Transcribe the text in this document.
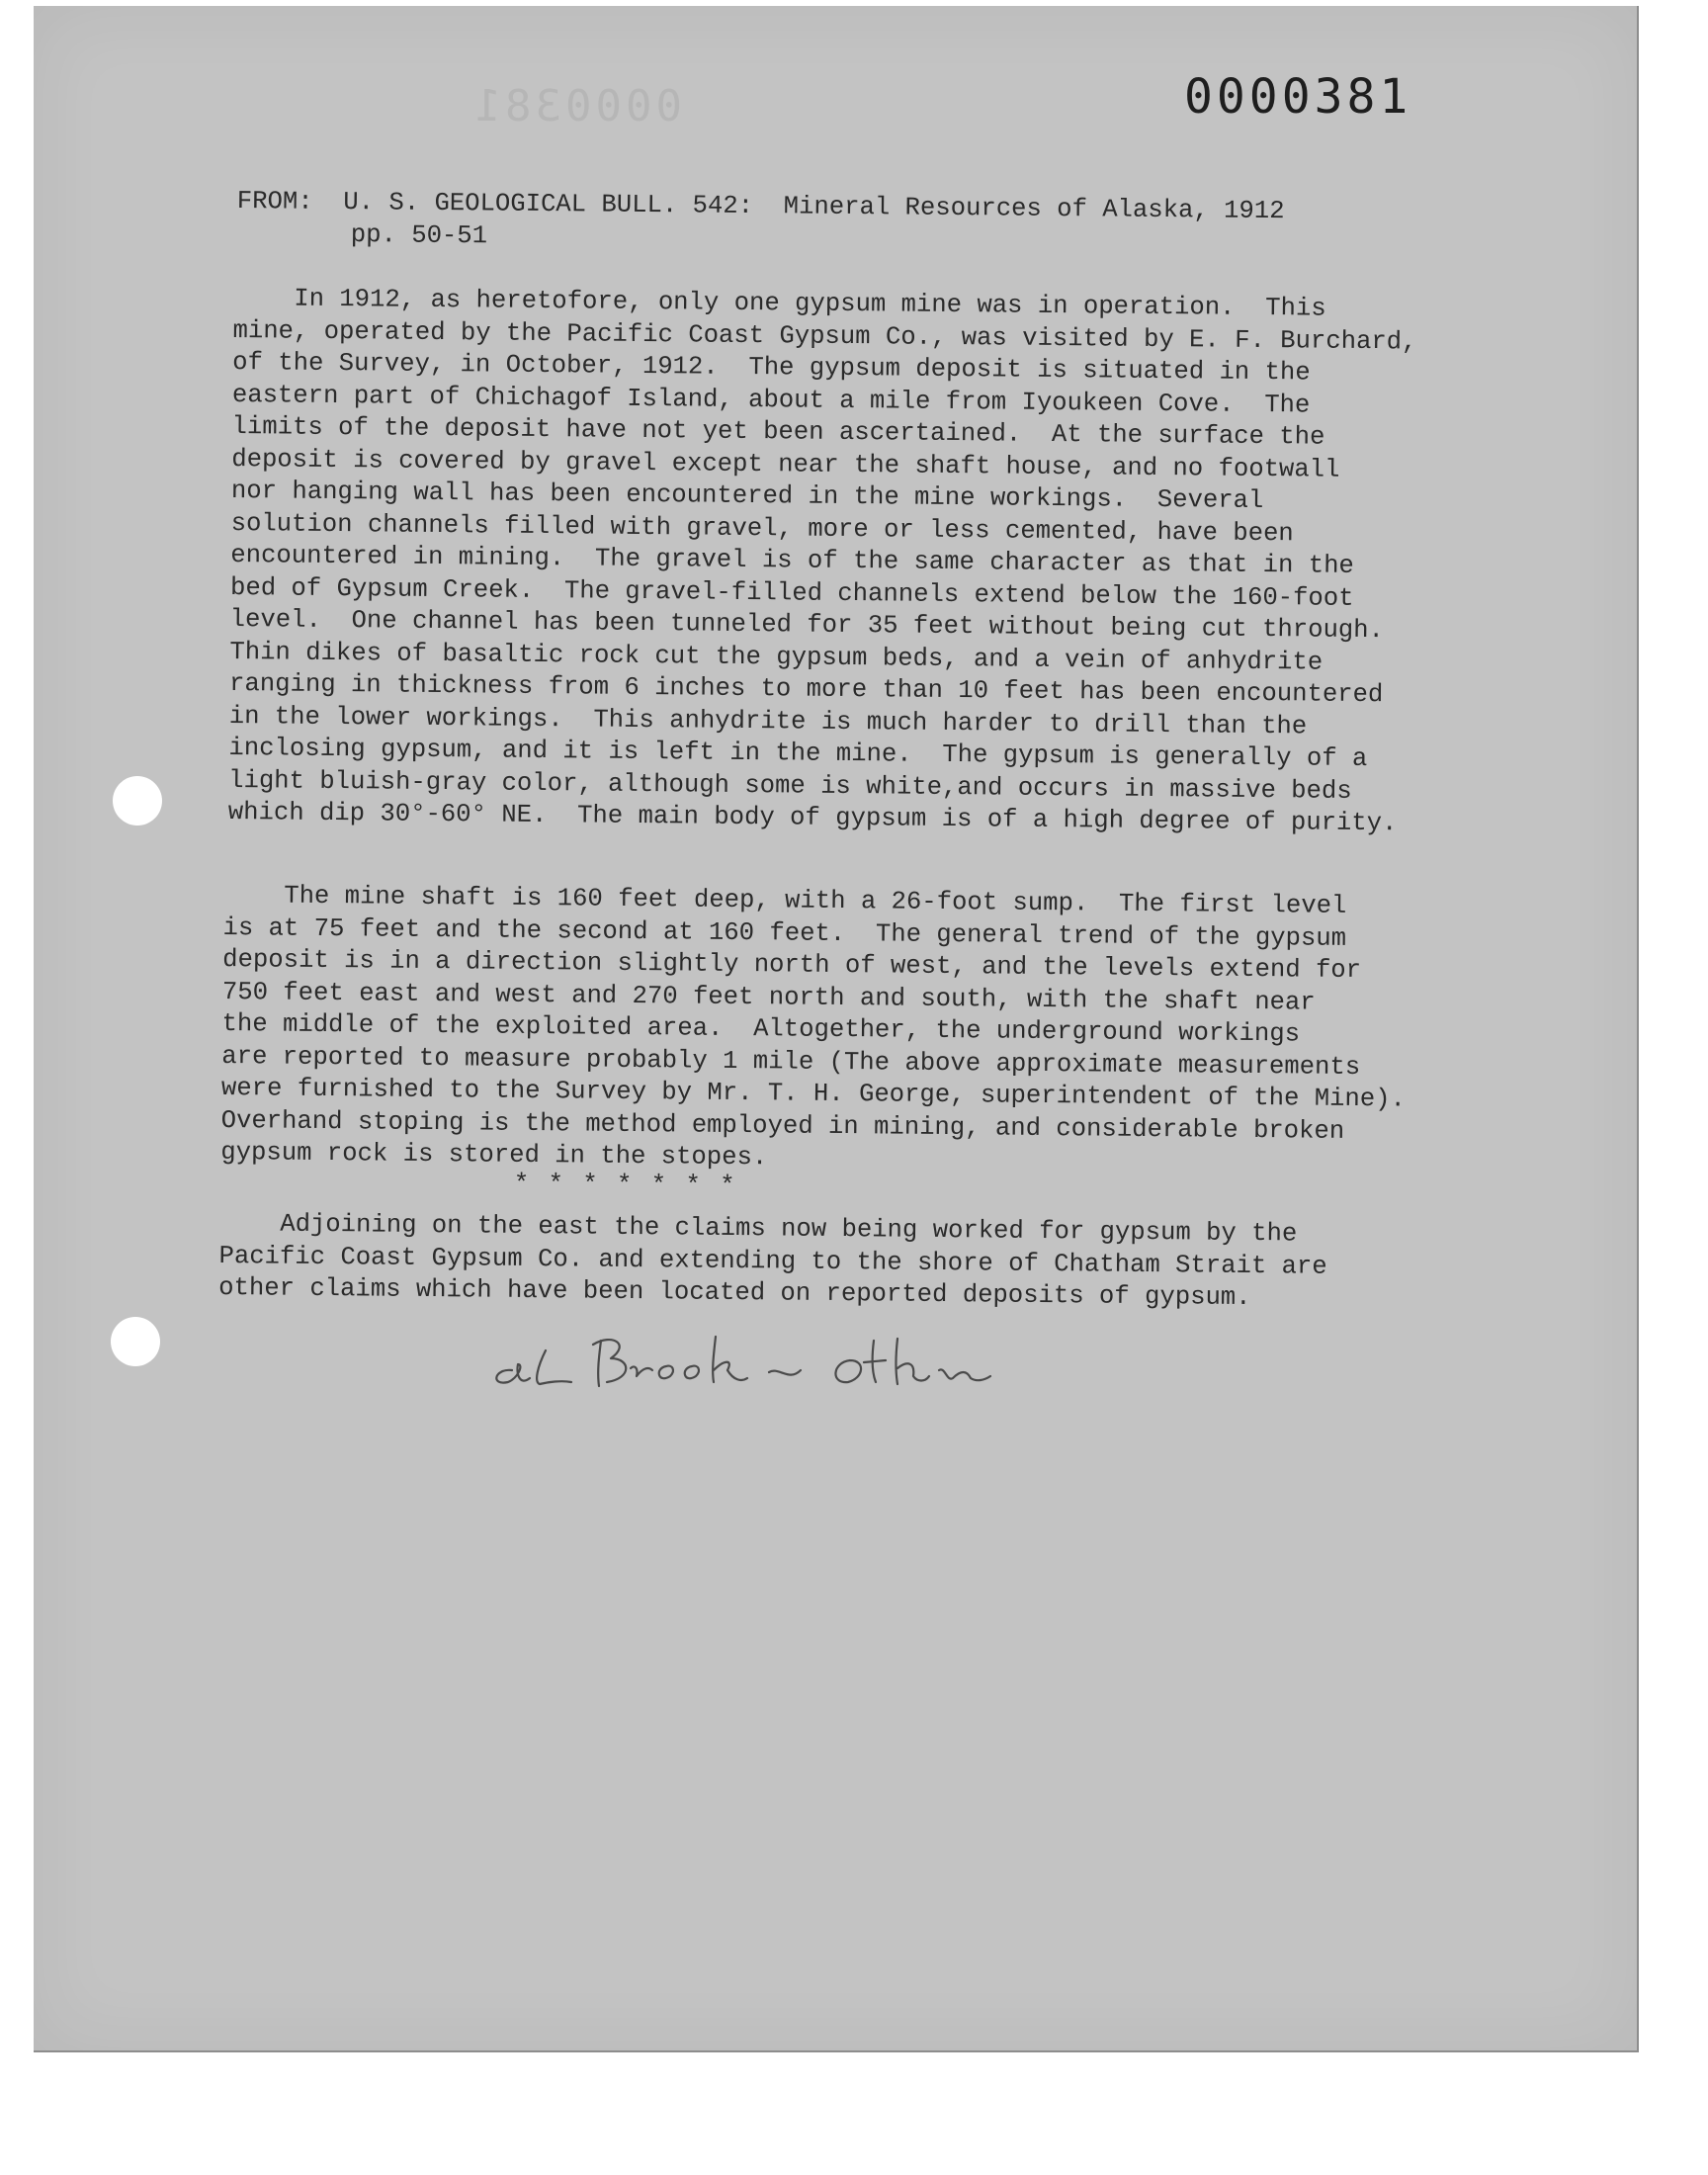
0000381	0000381
FROM:  U. S. GEOLOGICAL BULL. 542:  Mineral Resources of Alaska, 1912
pp. 50-51
In 1912, as heretofore, only one gypsum mine was in operation.  This
mine, operated by the Pacific Coast Gypsum Co., was visited by E. F. Burchard,
of the Survey, in October, 1912.  The gypsum deposit is situated in the
eastern part of Chichagof Island, about a mile from Iyoukeen Cove.  The
limits of the deposit have not yet been ascertained.  At the surface the
deposit is covered by gravel except near the shaft house, and no footwall
nor hanging wall has been encountered in the mine workings.  Several
solution channels filled with gravel, more or less cemented, have been
encountered in mining.  The gravel is of the same character as that in the
bed of Gypsum Creek.  The gravel-filled channels extend below the 160-foot
level.  One channel has been tunneled for 35 feet without being cut through.
Thin dikes of basaltic rock cut the gypsum beds, and a vein of anhydrite
ranging in thickness from 6 inches to more than 10 feet has been encountered
in the lower workings.  This anhydrite is much harder to drill than the
inclosing gypsum, and it is left in the mine.  The gypsum is generally of a
light bluish-gray color, although some is white,and occurs in massive beds
which dip 30°-60° NE.  The main body of gypsum is of a high degree of purity.
The mine shaft is 160 feet deep, with a 26-foot sump.  The first level
is at 75 feet and the second at 160 feet.  The general trend of the gypsum
deposit is in a direction slightly north of west, and the levels extend for
750 feet east and west and 270 feet north and south, with the shaft near
the middle of the exploited area.  Altogether, the underground workings
are reported to measure probably 1 mile (The above approximate measurements
were furnished to the Survey by Mr. T. H. George, superintendent of the Mine).
Overhand stoping is the method employed in mining, and considerable broken
gypsum rock is stored in the stopes.
* * * * * * *
Adjoining on the east the claims now being worked for gypsum by the
Pacific Coast Gypsum Co. and extending to the shore of Chatham Strait are
other claims which have been located on reported deposits of gypsum.
